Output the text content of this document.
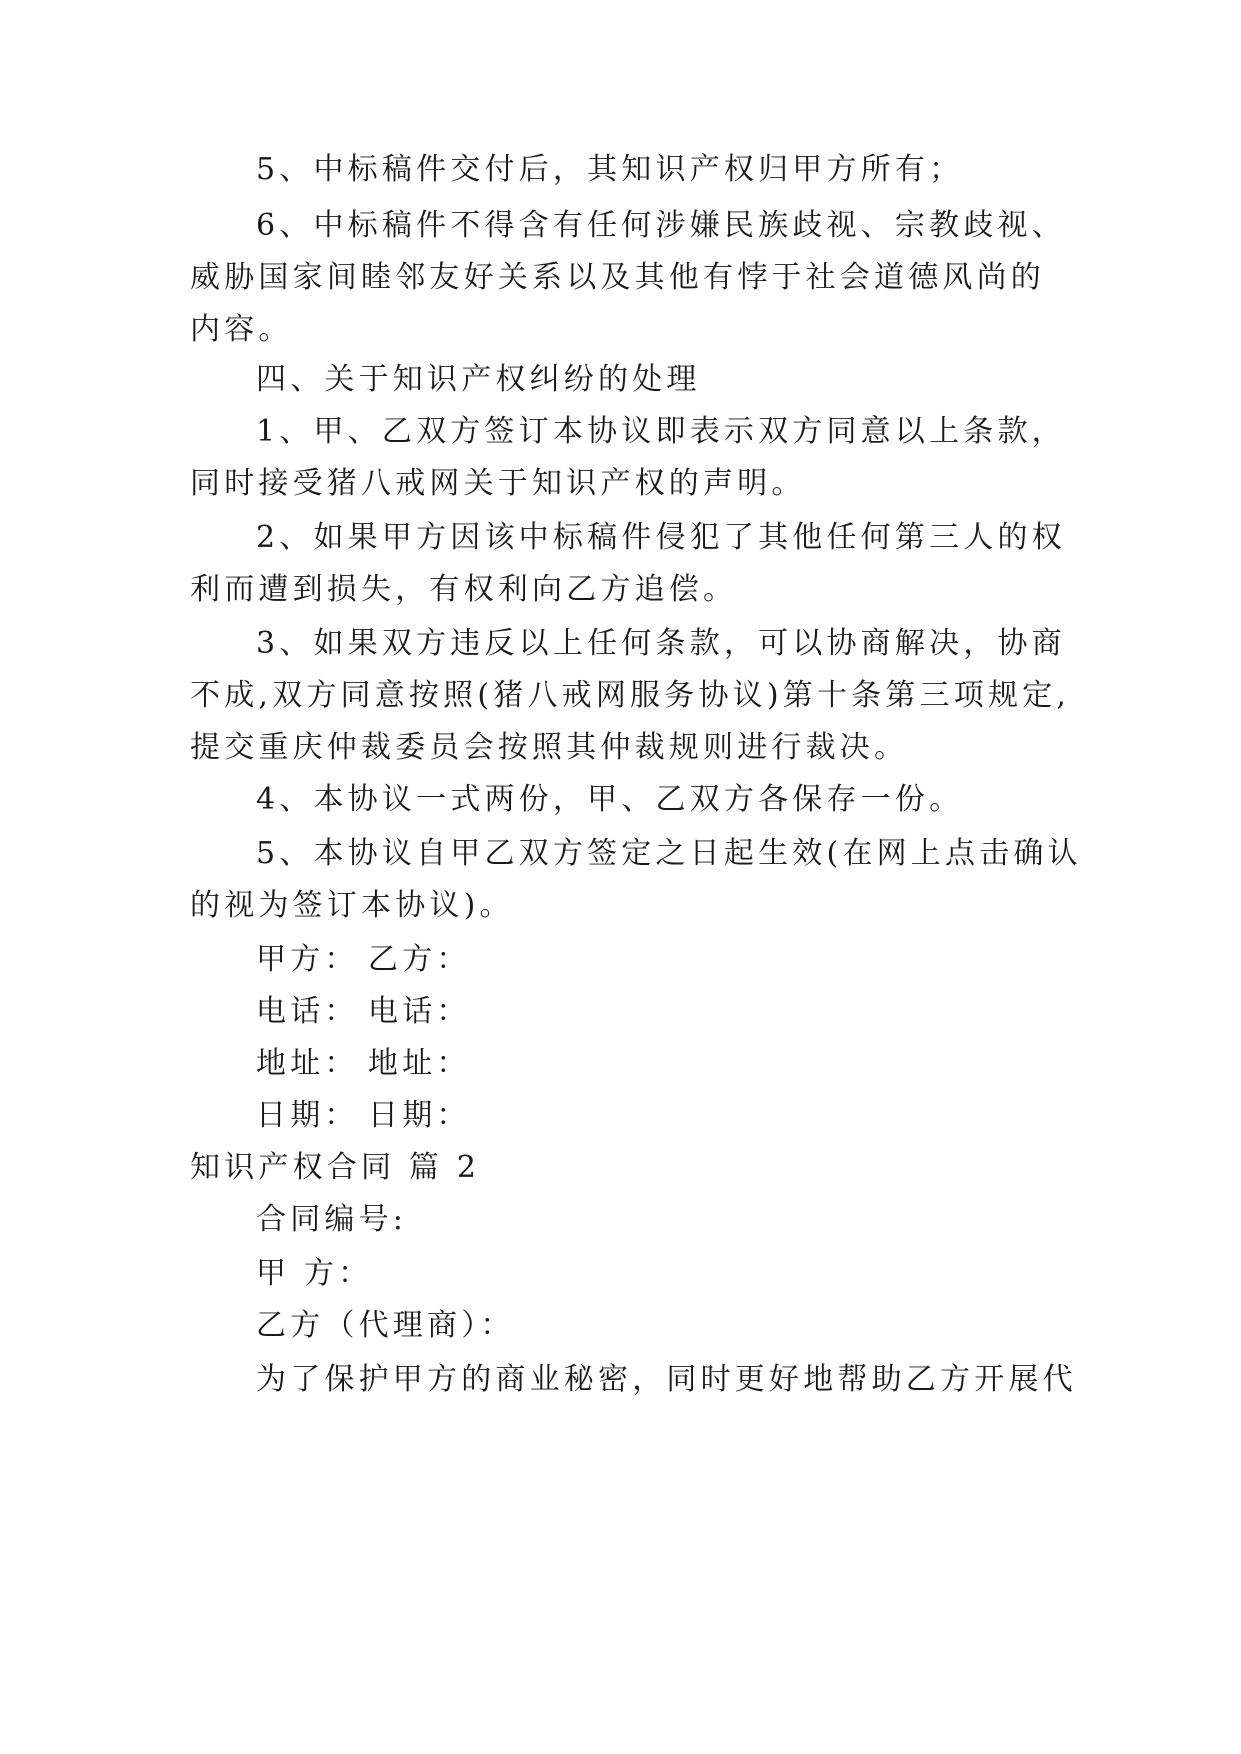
5、中标稿件交付后，其知识产权归甲方所有；
6、中标稿件不得含有任何涉嫌民族歧视、宗教歧视、
威胁国家间睦邻友好关系以及其他有悖于社会道德风尚的
内容。
四、关于知识产权纠纷的处理
1、甲、乙双方签订本协议即表示双方同意以上条款，
同时接受猪八戒网关于知识产权的声明。
2、如果甲方因该中标稿件侵犯了其他任何第三人的权
利而遭到损失，有权利向乙方追偿。
3、如果双方违反以上任何条款，可以协商解决，协商
不成,双方同意按照(猪八戒网服务协议)第十条第三项规定,
提交重庆仲裁委员会按照其仲裁规则进行裁决。
4、本协议一式两份，甲、乙双方各保存一份。
5、本协议自甲乙双方签定之日起生效(在网上点击确认
的视为签订本协议)。
甲方： 乙方：
电话： 电话：
地址： 地址：
日期： 日期：
知识产权合同 篇 2
合同编号:
甲 方：
乙方（代理商）：
为了保护甲方的商业秘密，同时更好地帮助乙方开展代
